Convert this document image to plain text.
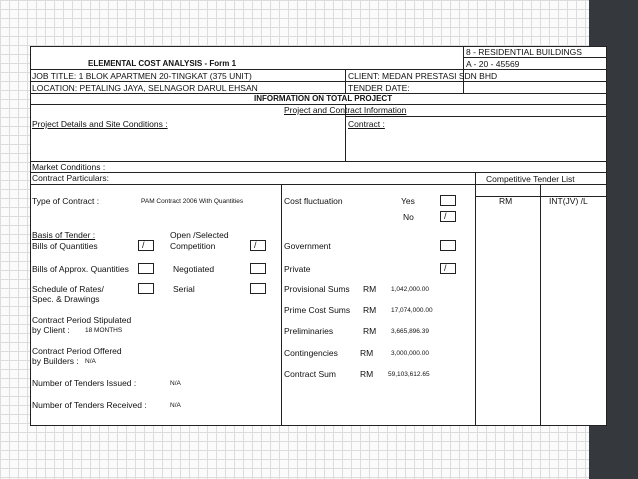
ELEMENTAL COST ANALYSIS - Form 1
8 - RESIDENTIAL BUILDINGS
A - 20 - 45569
JOB TITLE: 1 BLOK APARTMEN 20-TINGKAT (375 UNIT)	CLIENT: MEDAN PRESTASI SDN BHD
LOCATION: PETALING JAYA, SELNAGOR DARUL EHSAN	TENDER DATE:
INFORMATION ON TOTAL PROJECT
Project and Contract Information
Project Details and Site Conditions :	Contract :
Market Conditions :
Contract Particulars:	Competitive Tender List
RM	INT(JV) /L
Type of Contract :	PAM Contract 2006 With Quantities
Basis of Tender :	Open /Selected
Bills of Quantities	/	Competition	/
Bills of Approx. Quantities	Negotiated
Schedule of Rates/
Spec. & Drawings
Serial
Contract Period Stipulated
by Client : 18 MONTHS
Contract Period Offered
by Builders : N/A
Number of Tenders Issued :	N/A
Number of Tenders Received :	N/A
Cost fluctuation	Yes
No	/
Government
Private	/
Provisional Sums RM 1,042,000.00
Prime Cost Sums RM 17,074,000.00
Preliminaries	RM 3,665,896.39
Contingencies	RM	3,000,000.00
Contract Sum	RM 59,103,612.65
